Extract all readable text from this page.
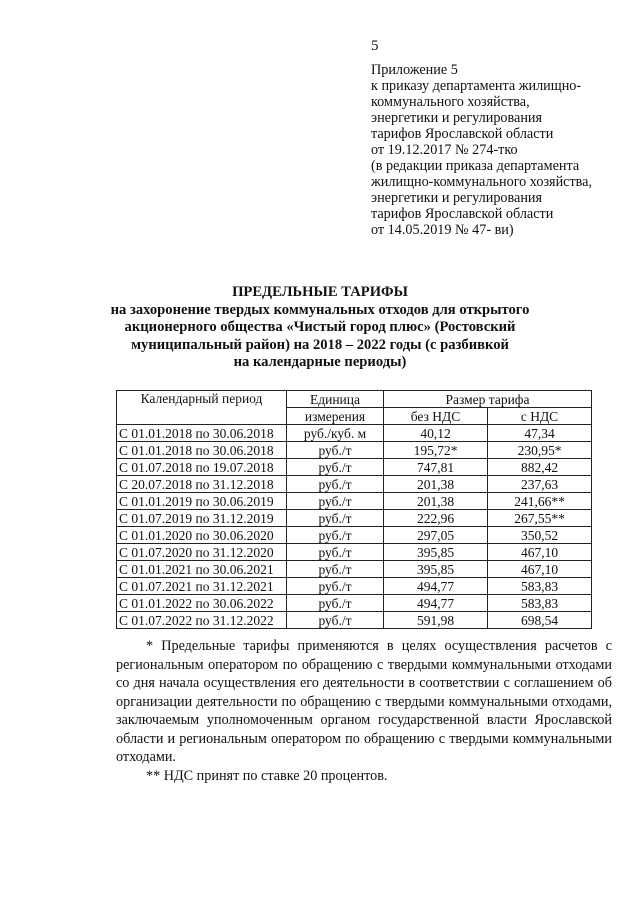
5
Приложение 5
к приказу департамента жилищно-
коммунального хозяйства,
энергетики и регулирования
тарифов Ярославской области
от 19.12.2017 № 274-тко
(в редакции приказа департамента
жилищно-коммунального хозяйства,
энергетики и регулирования
тарифов Ярославской области
от 14.05.2019 № 47- ви)
ПРЕДЕЛЬНЫЕ ТАРИФЫ
на захоронение твердых коммунальных отходов для открытого
акционерного общества «Чистый город плюс» (Ростовский
муниципальный район) на 2018 – 2022 годы (с разбивкой
на календарные периоды)
Календарный период	Единица	Размер тарифа	
	измерения	без НДС	с НДС
С 01.01.2018 по 30.06.2018	руб./куб. м	40,12	47,34
С 01.01.2018 по 30.06.2018	руб./т	195,72*	230,95*
С 01.07.2018 по 19.07.2018	руб./т	747,81	882,42
С 20.07.2018 по 31.12.2018	руб./т	201,38	237,63
С 01.01.2019 по 30.06.2019	руб./т	201,38	241,66**
С 01.07.2019 по 31.12.2019	руб./т	222,96	267,55**
С 01.01.2020 по 30.06.2020	руб./т	297,05	350,52
С 01.07.2020 по 31.12.2020	руб./т	395,85	467,10
С 01.01.2021 по 30.06.2021	руб./т	395,85	467,10
С 01.07.2021 по 31.12.2021	руб./т	494,77	583,83
С 01.01.2022 по 30.06.2022	руб./т	494,77	583,83
С 01.07.2022 по 31.12.2022	руб./т	591,98	698,54

* Предельные тарифы применяются в целях осуществления расчетов с региональным оператором по обращению с твердыми коммунальными отходами со дня начала осуществления его деятельности в соответствии с соглашением об организации деятельности по обращению с твердыми коммунальными отходами, заключаемым уполномоченным органом государственной власти Ярославской области и региональным оператором по обращению с твердыми коммунальными отходами.

** НДС принят по ставке 20 процентов.
